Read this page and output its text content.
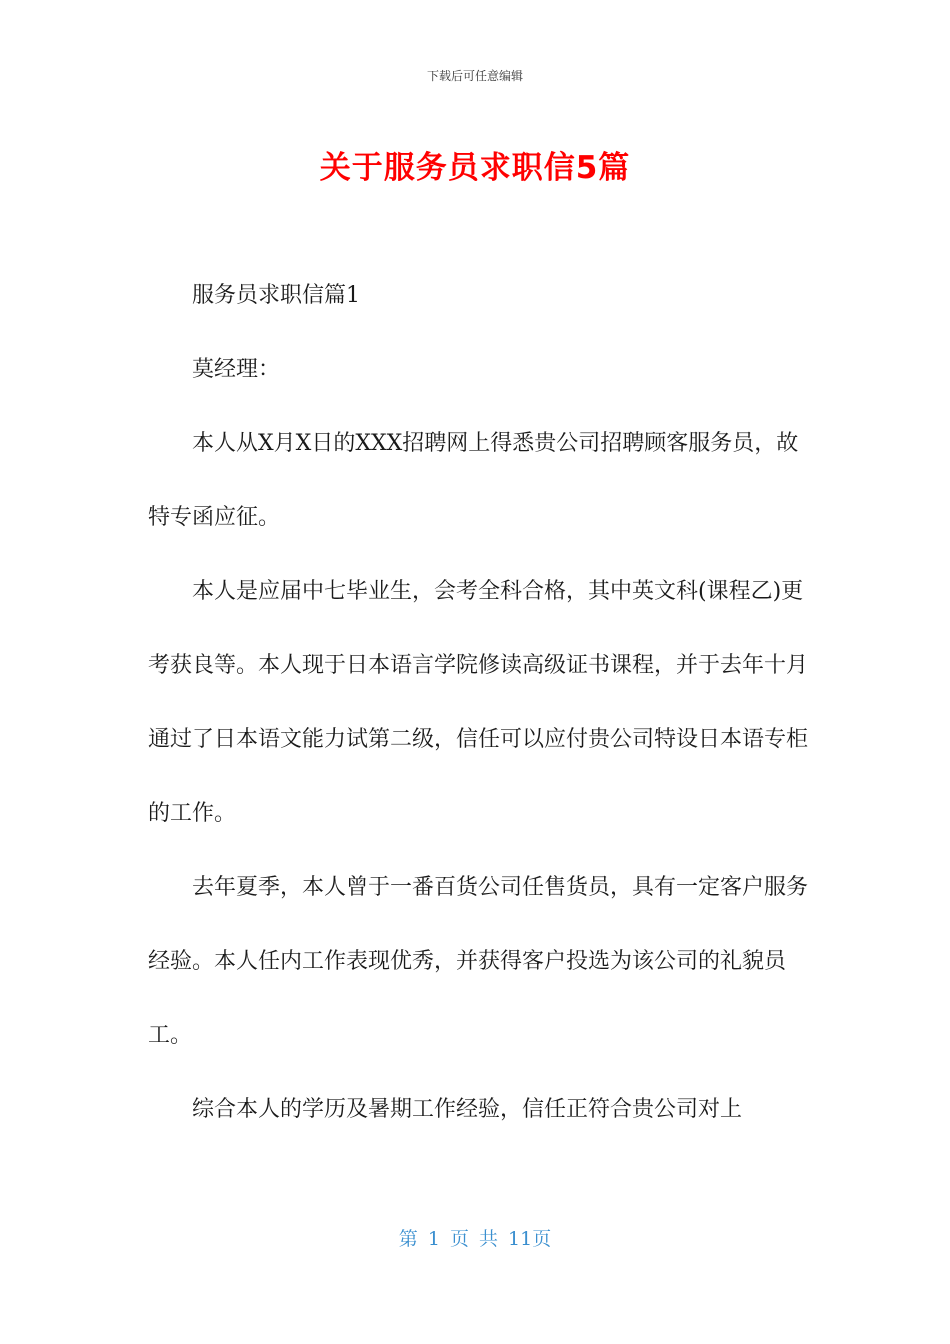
下载后可任意编辑
关于服务员求职信5篇

服务员求职信篇1

莫经理：

本人从X月X日的XXX招聘网上得悉贵公司招聘顾客服务员，故特专函应征。

本人是应届中七毕业生，会考全科合格，其中英文科(课程乙)更考获良等。本人现于日本语言学院修读高级证书课程，并于去年十月通过了日本语文能力试第二级，信任可以应付贵公司特设日本语专柜的工作。

去年夏季，本人曾于一番百货公司任售货员，具有一定客户服务经验。本人任内工作表现优秀，并获得客户投选为该公司的礼貌员工。

综合本人的学历及暑期工作经验，信任正符合贵公司对上

第 1 页 共 11页
